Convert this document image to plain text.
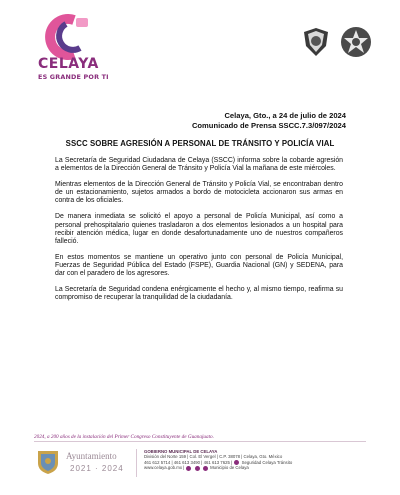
CELAYA
ES GRANDE POR TI
Celaya, Gto., a 24 de julio de 2024
Comunicado de Prensa SSCC.7.3/097/2024
SSCC SOBRE AGRESIÓN A PERSONAL DE TRÁNSITO Y POLICÍA VIAL

La Secretaría de Seguridad Ciudadana de Celaya (SSCC) informa sobre la cobarde agresión a elementos de la Dirección General de Tránsito y Policía Vial la mañana de este miércoles.

Mientras elementos de la Dirección General de Tránsito y Policía Vial, se encontraban dentro de un estacionamiento, sujetos armados a bordo de motocicleta accionaron sus armas en contra de los oficiales.

De manera inmediata se solicitó el apoyo a personal de Policía Municipal, así como a personal prehospitalario quienes trasladaron a dos elementos lesionados a un hospital para recibir atención médica, lugar en donde desafortunadamente uno de nuestros compañeros falleció.

En estos momentos se mantiene un operativo junto con personal de Policía Municipal, Fuerzas de Seguridad Pública del Estado (FSPE), Guardia Nacional (GN) y SEDENA, para dar con el paradero de los agresores.

La Secretaría de Seguridad condena enérgicamente el hecho y, al mismo tiempo, reafirma su compromiso de recuperar la tranquilidad de la ciudadanía.

2024, a 200 años de la instalación del Primer Congreso Constituyente de Guanajuato.
Ayuntamiento
2021 · 2024
GOBIERNO MUNICIPAL DE CELAYA
División del Norte 159 | Col. El Vergel | C.P. 38078 | Celaya, Gto. México
461 612 5714 | 461 613 3490 | 461 613 7625 | Seguridad Celaya Tránsito
www.celaya.gob.mx |	Municipio de Celaya
